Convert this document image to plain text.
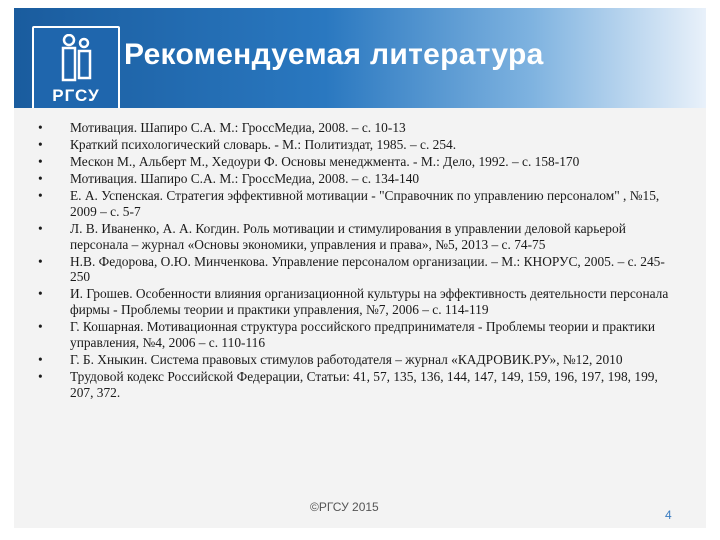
РГСУ
Рекомендуемая литература
• Мотивация. Шапиро С.А. М.: ГроссМедиа, 2008. – с. 10-13
• Краткий психологический словарь. - М.: Политиздат, 1985. – с. 254.
• Мескон М., Альберт М., Хедоури Ф. Основы менеджмента. - М.: Дело, 1992. – с. 158-170
• Мотивация. Шапиро С.А. М.: ГроссМедиа, 2008. – с. 134-140
• Е. А. Успенская. Стратегия эффективной мотивации - "Справочник по управлению персоналом" , №15, 2009 – с. 5-7
• Л. В. Иваненко, А. А. Когдин. Роль мотивации и стимулирования в управлении деловой карьерой персонала – журнал «Основы экономики, управления и права», №5, 2013 – с. 74-75
• Н.В. Федорова, О.Ю. Минченкова. Управление персоналом организации. – М.: КНОРУС, 2005. – с. 245-250
• И. Грошев. Особенности влияния организационной культуры на эффективность деятельности персонала фирмы - Проблемы теории и практики управления, №7, 2006 – с. 114-119
• Г. Кошарная. Мотивационная структура российского предпринимателя - Проблемы теории и практики управления, №4, 2006 – с. 110-116
• Г. Б. Хныкин. Система правовых стимулов работодателя – журнал «КАДРОВИК.РУ», №12, 2010
• Трудовой кодекс Российской Федерации, Статьи: 41, 57, 135, 136, 144, 147, 149, 159, 196, 197, 198, 199, 207, 372.
©РГСУ 2015
4
